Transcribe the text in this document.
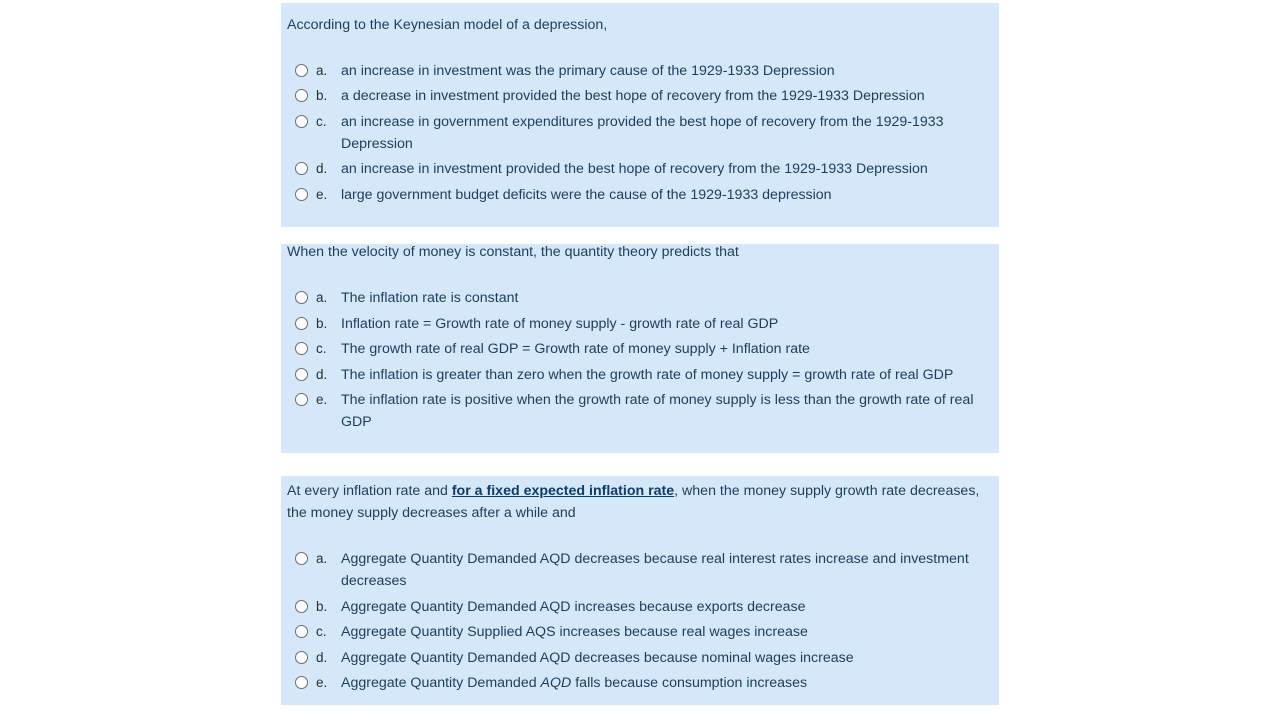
According to the Keynesian model of a depression,
a. an increase in investment was the primary cause of the 1929-1933 Depression
b. a decrease in investment provided the best hope of recovery from the 1929-1933 Depression
c. an increase in government expenditures provided the best hope of recovery from the 1929-1933 Depression
d. an increase in investment provided the best hope of recovery from the 1929-1933 Depression
e. large government budget deficits were the cause of the 1929-1933 depression
When the velocity of money is constant, the quantity theory predicts that
a. The inflation rate is constant
b. Inflation rate = Growth rate of money supply - growth rate of real GDP
c. The growth rate of real GDP = Growth rate of money supply + Inflation rate
d. The inflation is greater than zero when the growth rate of money supply = growth rate of real GDP
e. The inflation rate is positive when the growth rate of money supply is less than the growth rate of real GDP
At every inflation rate and for a fixed expected inflation rate, when the money supply growth rate decreases, the money supply decreases after a while and
a. Aggregate Quantity Demanded AQD decreases because real interest rates increase and investment decreases
b. Aggregate Quantity Demanded AQD increases because exports decrease
c. Aggregate Quantity Supplied AQS increases because real wages increase
d. Aggregate Quantity Demanded AQD decreases because nominal wages increase
e. Aggregate Quantity Demanded AQD falls because consumption increases
